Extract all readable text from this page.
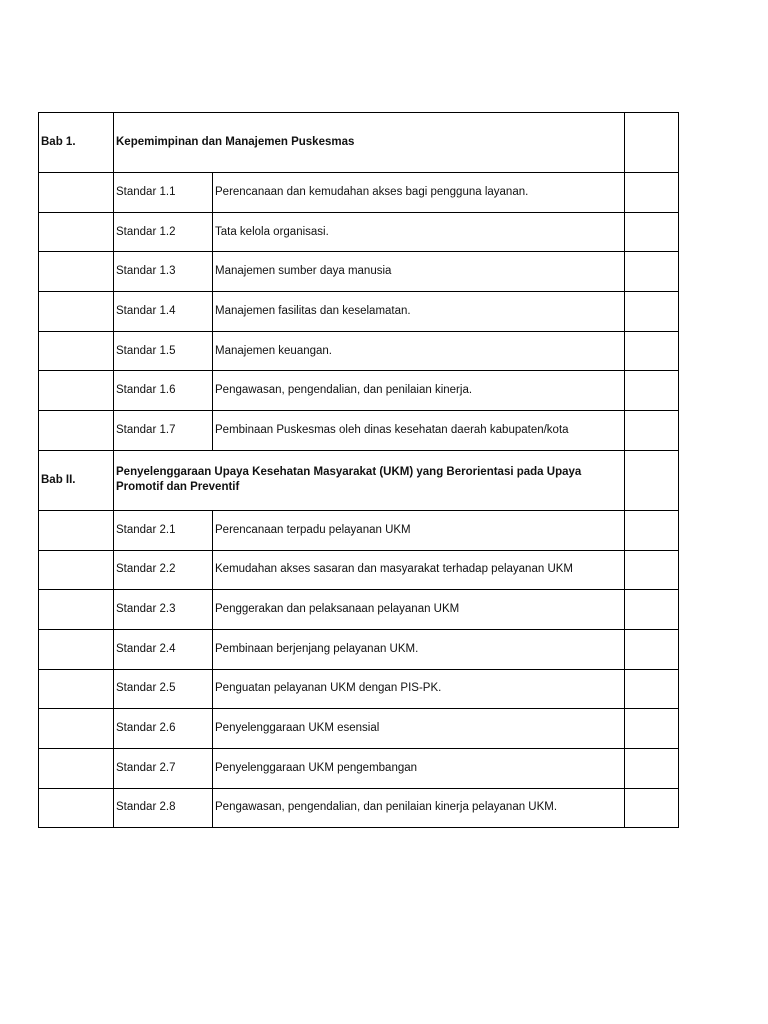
Bab 1.	Kepemimpinan dan Manajemen Puskesmas		
	Standar 1.1	Perencanaan dan kemudahan akses bagi pengguna layanan.	
	Standar 1.2	Tata kelola organisasi.	
	Standar 1.3	Manajemen sumber daya manusia	
	Standar 1.4	Manajemen fasilitas dan keselamatan.	
	Standar 1.5	Manajemen keuangan.	
	Standar 1.6	Pengawasan, pengendalian, dan penilaian kinerja.	
	Standar 1.7	Pembinaan Puskesmas oleh dinas kesehatan daerah kabupaten/kota	
Bab II.	Penyelenggaraan Upaya Kesehatan Masyarakat (UKM) yang Berorientasi pada Upaya Promotif dan Preventif		
	Standar 2.1	Perencanaan terpadu pelayanan UKM	
	Standar 2.2	Kemudahan akses sasaran dan masyarakat terhadap pelayanan UKM	
	Standar 2.3	Penggerakan dan pelaksanaan pelayanan UKM	
	Standar 2.4	Pembinaan berjenjang pelayanan UKM.	
	Standar 2.5	Penguatan pelayanan UKM dengan PIS-PK.	
	Standar 2.6	Penyelenggaraan UKM esensial	
	Standar 2.7	Penyelenggaraan UKM pengembangan	
	Standar 2.8	Pengawasan, pengendalian, dan penilaian kinerja pelayanan UKM.	
